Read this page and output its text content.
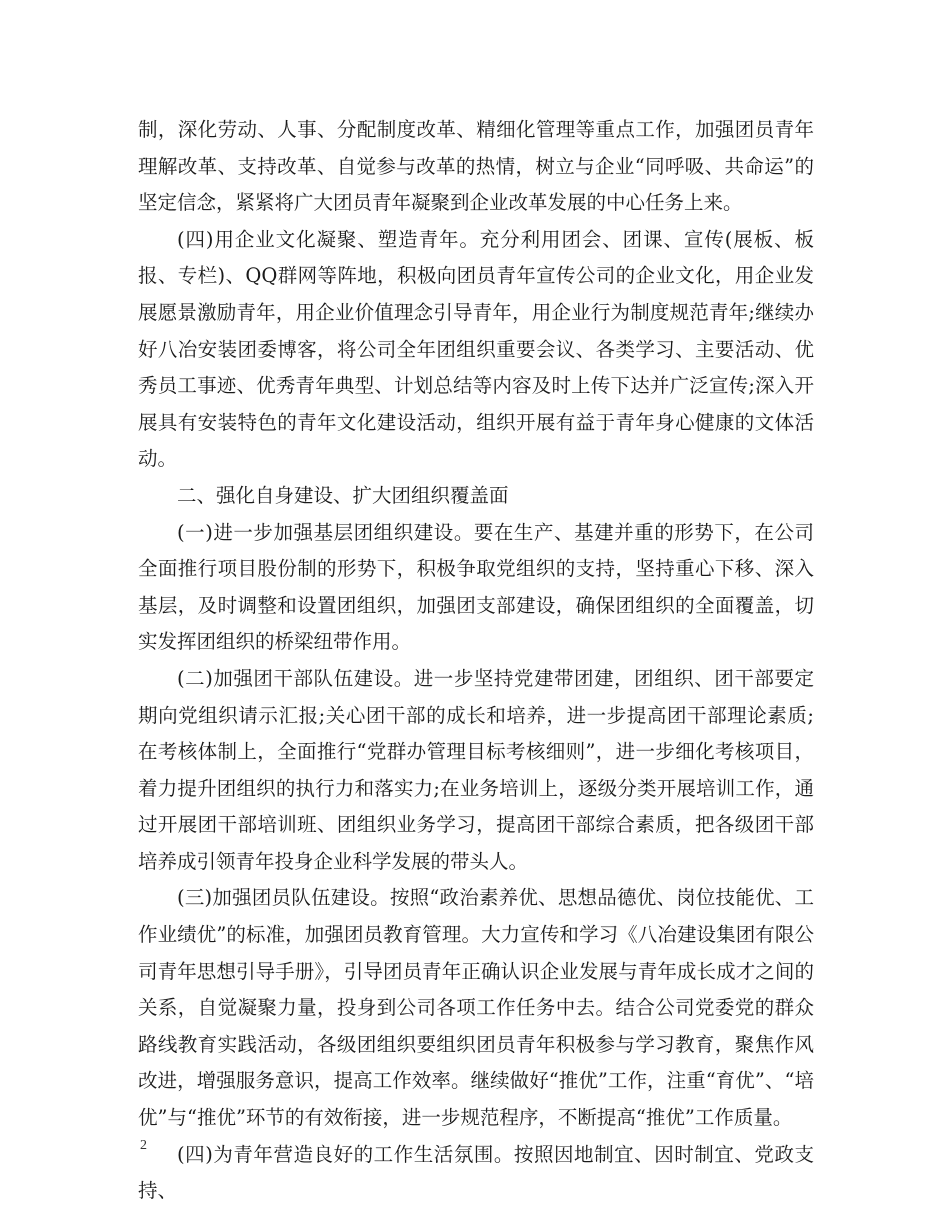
制，深化劳动、人事、分配制度改革、精细化管理等重点工作，加强团员青年理解改革、支持改革、自觉参与改革的热情，树立与企业“同呼吸、共命运”的坚定信念，紧紧将广大团员青年凝聚到企业改革发展的中心任务上来。

(四)用企业文化凝聚、塑造青年。充分利用团会、团课、宣传(展板、板报、专栏)、QQ群网等阵地，积极向团员青年宣传公司的企业文化，用企业发展愿景激励青年，用企业价值理念引导青年，用企业行为制度规范青年;继续办好八冶安装团委博客，将公司全年团组织重要会议、各类学习、主要活动、优秀员工事迹、优秀青年典型、计划总结等内容及时上传下达并广泛宣传;深入开展具有安装特色的青年文化建设活动，组织开展有益于青年身心健康的文体活动。

二、强化自身建设、扩大团组织覆盖面

(一)进一步加强基层团组织建设。要在生产、基建并重的形势下，在公司全面推行项目股份制的形势下，积极争取党组织的支持，坚持重心下移、深入基层，及时调整和设置团组织，加强团支部建设，确保团组织的全面覆盖，切实发挥团组织的桥梁纽带作用。

(二)加强团干部队伍建设。进一步坚持党建带团建，团组织、团干部要定期向党组织请示汇报;关心团干部的成长和培养，进一步提高团干部理论素质;在考核体制上，全面推行“党群办管理目标考核细则”，进一步细化考核项目，着力提升团组织的执行力和落实力;在业务培训上，逐级分类开展培训工作，通过开展团干部培训班、团组织业务学习，提高团干部综合素质，把各级团干部培养成引领青年投身企业科学发展的带头人。

(三)加强团员队伍建设。按照“政治素养优、思想品德优、岗位技能优、工作业绩优”的标准，加强团员教育管理。大力宣传和学习《八冶建设集团有限公司青年思想引导手册》，引导团员青年正确认识企业发展与青年成长成才之间的关系，自觉凝聚力量，投身到公司各项工作任务中去。结合公司党委党的群众路线教育实践活动，各级团组织要组织团员青年积极参与学习教育，聚焦作风改进，增强服务意识，提高工作效率。继续做好“推优”工作，注重“育优”、“培优”与“推优”环节的有效衔接，进一步规范程序，不断提高“推优”工作质量。

(四)为青年营造良好的工作生活氛围。按照因地制宜、因时制宜、党政支持、

2
